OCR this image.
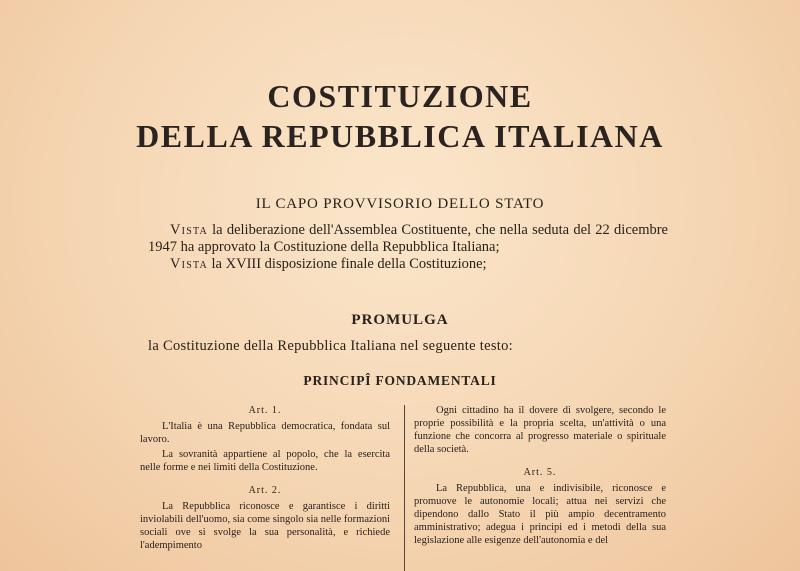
COSTITUZIONE
DELLA REPUBBLICA ITALIANA
IL CAPO PROVVISORIO DELLO STATO

Vista la deliberazione dell'Assemblea Costituente, che nella seduta del 22 dicembre 1947 ha approvato la Costituzione della Repubblica Italiana;

Vista la XVIII disposizione finale della Costituzione;

PROMULGA
la Costituzione della Repubblica Italiana nel seguente testo:
PRINCIPÎ FONDAMENTALI

Art. 1.

L'Italia è una Repubblica democratica, fondata sul lavoro.

La sovranità appartiene al popolo, che la esercita nelle forme e nei limiti della Costituzione.

Art. 2.

La Repubblica riconosce e garantisce i diritti inviolabili dell'uomo, sia come singolo sia nelle formazioni sociali ove si svolge la sua personalità, e richiede l'adempimento

Ogni cittadino ha il dovere di svolgere, secondo le proprie possibilità e la propria scelta, un'attività o una funzione che concorra al progresso materiale o spirituale della società.

Art. 5.

La Repubblica, una e indivisibile, riconosce e promuove le autonomie locali; attua nei servizi che dipendono dallo Stato il più ampio decentramento amministrativo; adegua i principi ed i metodi della sua legislazione alle esigenze dell'autonomia e del
